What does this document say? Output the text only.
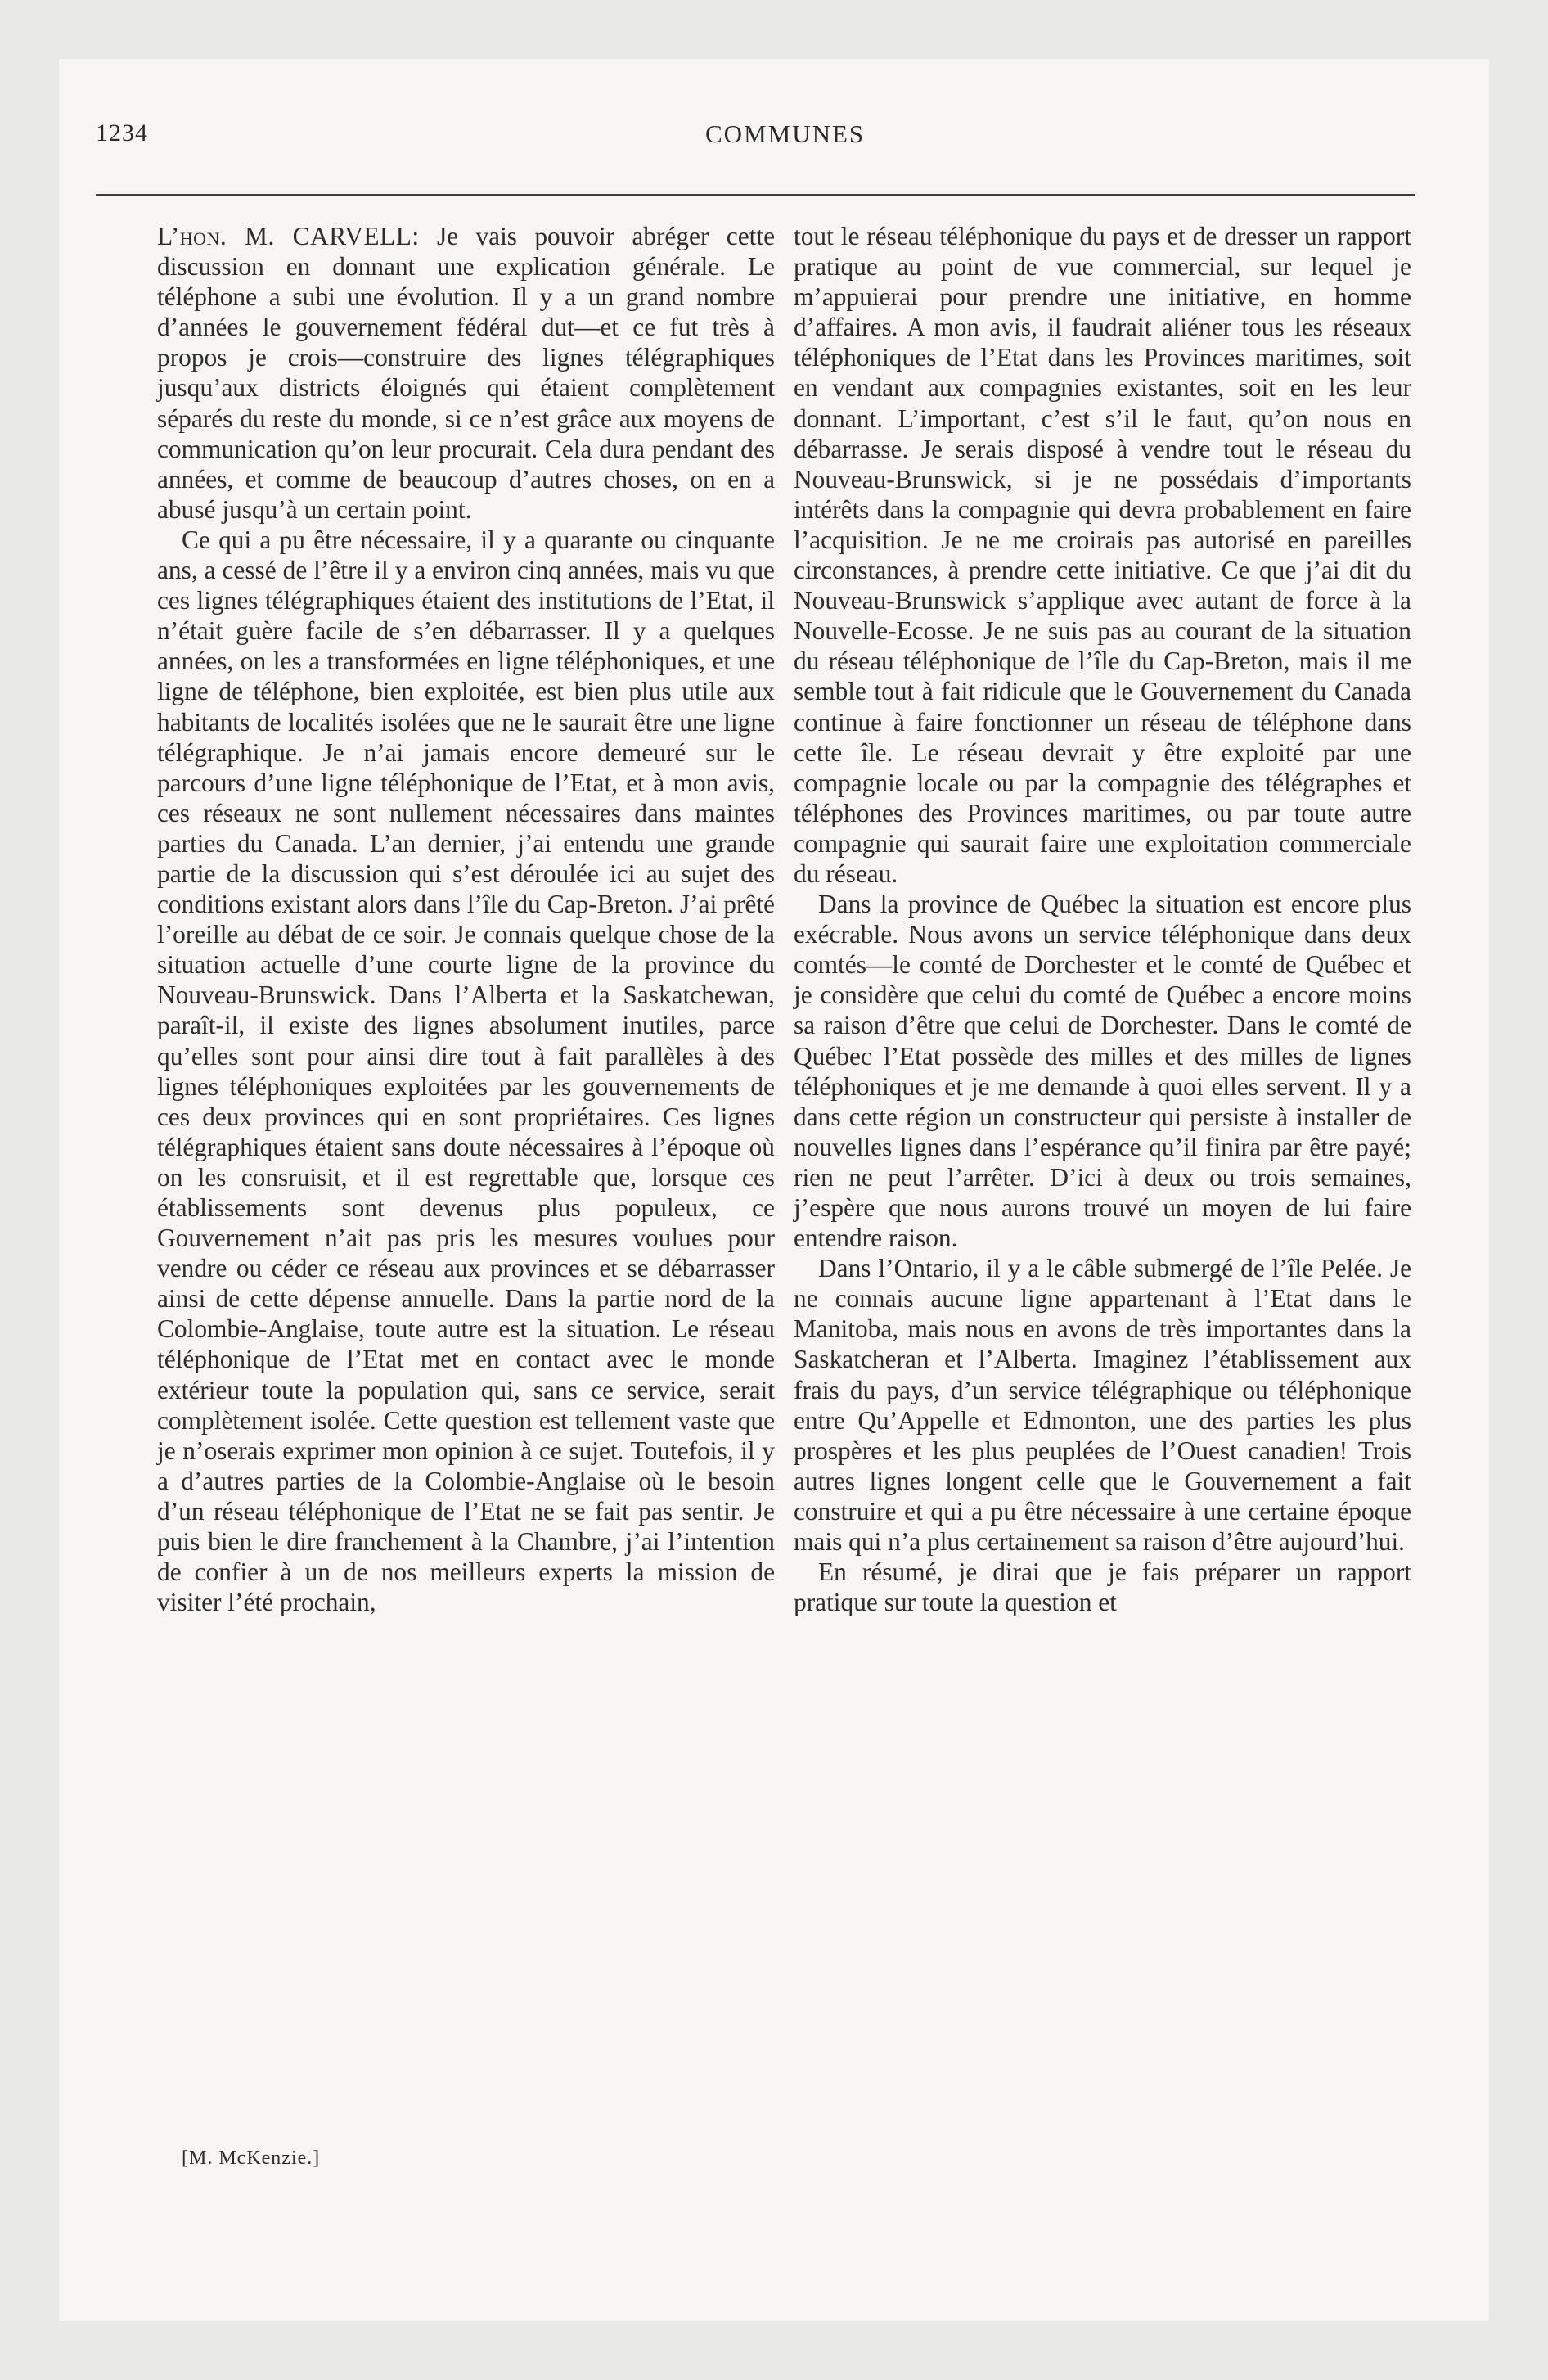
1234	COMMUNES

L’hon. M. CARVELL: Je vais pouvoir abréger cette discussion en donnant une explication générale. Le téléphone a subi une évolution. Il y a un grand nombre d’années le gouvernement fédéral dut—et ce fut très à propos je crois—construire des lignes télégraphiques jusqu’aux districts éloignés qui étaient complètement séparés du reste du monde, si ce n’est grâce aux moyens de communication qu’on leur procurait. Cela dura pendant des années, et comme de beaucoup d’autres choses, on en a abusé jusqu’à un certain point.

Ce qui a pu être nécessaire, il y a quarante ou cinquante ans, a cessé de l’être il y a environ cinq années, mais vu que ces lignes télégraphiques étaient des institutions de l’Etat, il n’était guère facile de s’en débarrasser. Il y a quelques années, on les a transformées en ligne téléphoniques, et une ligne de téléphone, bien exploitée, est bien plus utile aux habitants de localités isolées que ne le saurait être une ligne télégraphique. Je n’ai jamais encore demeuré sur le parcours d’une ligne téléphonique de l’Etat, et à mon avis, ces réseaux ne sont nullement nécessaires dans maintes parties du Canada. L’an dernier, j’ai entendu une grande partie de la discussion qui s’est déroulée ici au sujet des conditions existant alors dans l’île du Cap-Breton. J’ai prêté l’oreille au débat de ce soir. Je connais quelque chose de la situation actuelle d’une courte ligne de la province du Nouveau-Brunswick. Dans l’Alberta et la Saskatchewan, paraît-il, il existe des lignes absolument inutiles, parce qu’elles sont pour ainsi dire tout à fait parallèles à des lignes téléphoniques exploitées par les gouvernements de ces deux provinces qui en sont propriétaires. Ces lignes télégraphiques étaient sans doute nécessaires à l’époque où on les consruisit, et il est regrettable que, lorsque ces établissements sont devenus plus populeux, ce Gouvernement n’ait pas pris les mesures voulues pour vendre ou céder ce réseau aux provinces et se débarrasser ainsi de cette dépense annuelle. Dans la partie nord de la Colombie-Anglaise, toute autre est la situation. Le réseau téléphonique de l’Etat met en contact avec le monde extérieur toute la population qui, sans ce service, serait complètement isolée. Cette question est tellement vaste que je n’oserais exprimer mon opinion à ce sujet. Toutefois, il y a d’autres parties de la Colombie-Anglaise où le besoin d’un réseau téléphonique de l’Etat ne se fait pas sentir. Je puis bien le dire franchement à la Chambre, j’ai l’intention de confier à un de nos meilleurs experts la mission de visiter l’été prochain,

tout le réseau téléphonique du pays et de dresser un rapport pratique au point de vue commercial, sur lequel je m’appuierai pour prendre une initiative, en homme d’affaires. A mon avis, il faudrait aliéner tous les réseaux téléphoniques de l’Etat dans les Provinces maritimes, soit en vendant aux compagnies existantes, soit en les leur donnant. L’important, c’est s’il le faut, qu’on nous en débarrasse. Je serais disposé à vendre tout le réseau du Nouveau-Brunswick, si je ne possédais d’importants intérêts dans la compagnie qui devra probablement en faire l’acquisition. Je ne me croirais pas autorisé en pareilles circonstances, à prendre cette initiative. Ce que j’ai dit du Nouveau-Brunswick s’applique avec autant de force à la Nouvelle-Ecosse. Je ne suis pas au courant de la situation du réseau téléphonique de l’île du Cap-Breton, mais il me semble tout à fait ridicule que le Gouvernement du Canada continue à faire fonctionner un réseau de téléphone dans cette île. Le réseau devrait y être exploité par une compagnie locale ou par la compagnie des télégraphes et téléphones des Provinces maritimes, ou par toute autre compagnie qui saurait faire une exploitation commerciale du réseau.

Dans la province de Québec la situation est encore plus exécrable. Nous avons un service téléphonique dans deux comtés—le comté de Dorchester et le comté de Québec et je considère que celui du comté de Québec a encore moins sa raison d’être que celui de Dorchester. Dans le comté de Québec l’Etat possède des milles et des milles de lignes téléphoniques et je me demande à quoi elles servent. Il y a dans cette région un constructeur qui persiste à installer de nouvelles lignes dans l’espérance qu’il finira par être payé; rien ne peut l’arrêter. D’ici à deux ou trois semaines, j’espère que nous aurons trouvé un moyen de lui faire entendre raison.

Dans l’Ontario, il y a le câble submergé de l’île Pelée. Je ne connais aucune ligne appartenant à l’Etat dans le Manitoba, mais nous en avons de très importantes dans la Saskatcheran et l’Alberta. Imaginez l’établissement aux frais du pays, d’un service télégraphique ou téléphonique entre Qu’Appelle et Edmonton, une des parties les plus prospères et les plus peuplées de l’Ouest canadien! Trois autres lignes longent celle que le Gouvernement a fait construire et qui a pu être nécessaire à une certaine époque mais qui n’a plus certainement sa raison d’être aujourd’hui.

En résumé, je dirai que je fais préparer un rapport pratique sur toute la question et

[M. McKenzie.]
